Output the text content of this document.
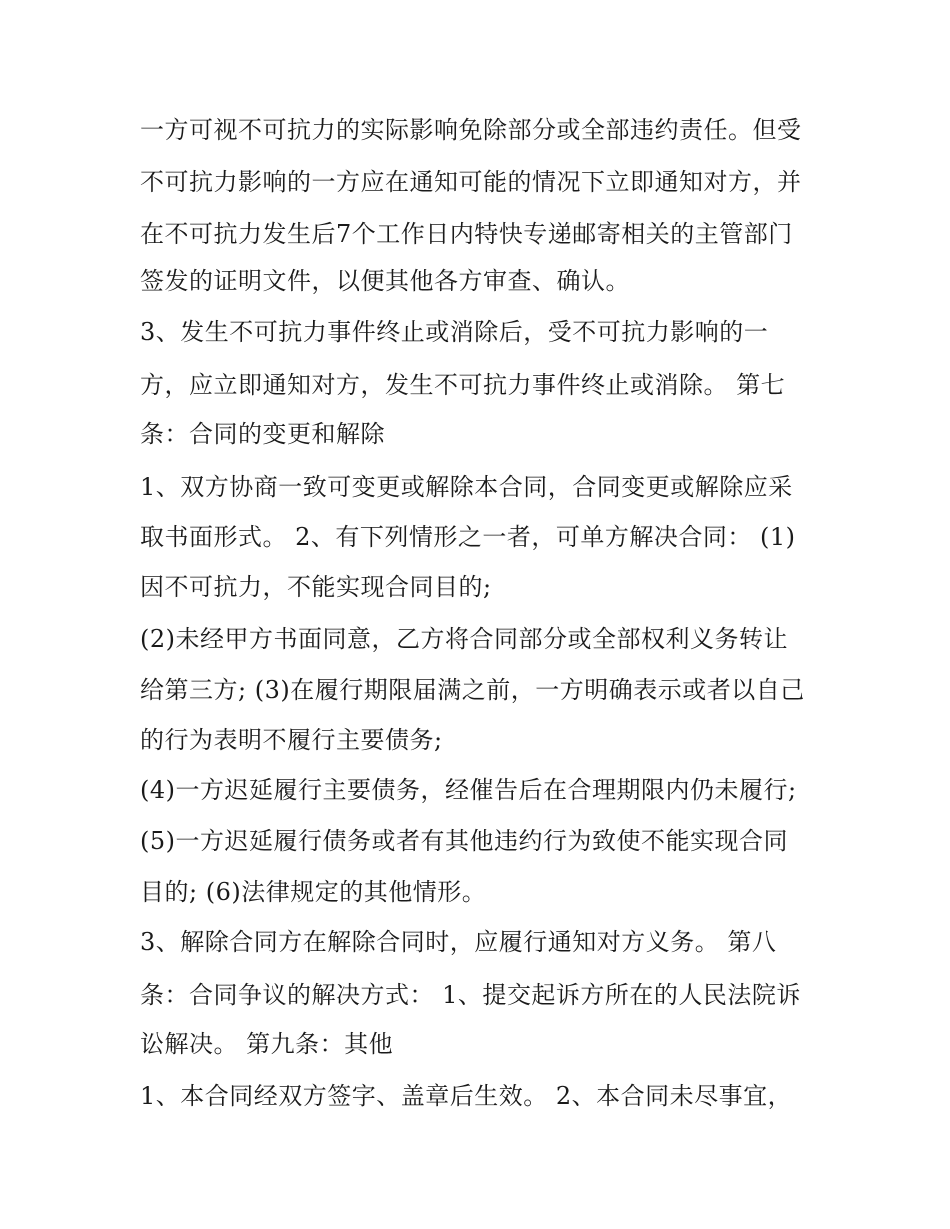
一方可视不可抗力的实际影响免除部分或全部违约责任。但受
不可抗力影响的一方应在通知可能的情况下立即通知对方，并
在不可抗力发生后7个工作日内特快专递邮寄相关的主管部门
签发的证明文件，以便其他各方审查、确认。
3、发生不可抗力事件终止或消除后，受不可抗力影响的一
方，应立即通知对方，发生不可抗力事件终止或消除。 第七
条：合同的变更和解除
1、双方协商一致可变更或解除本合同，合同变更或解除应采
取书面形式。 2、有下列情形之一者，可单方解决合同： (1)
因不可抗力，不能实现合同目的;
(2)未经甲方书面同意，乙方将合同部分或全部权利义务转让
给第三方; (3)在履行期限届满之前，一方明确表示或者以自己
的行为表明不履行主要债务;
(4)一方迟延履行主要债务，经催告后在合理期限内仍未履行;
(5)一方迟延履行债务或者有其他违约行为致使不能实现合同
目的; (6)法律规定的其他情形。
3、解除合同方在解除合同时，应履行通知对方义务。 第八
条：合同争议的解决方式： 1、提交起诉方所在的人民法院诉
讼解决。 第九条：其他
1、本合同经双方签字、盖章后生效。 2、本合同未尽事宜，
